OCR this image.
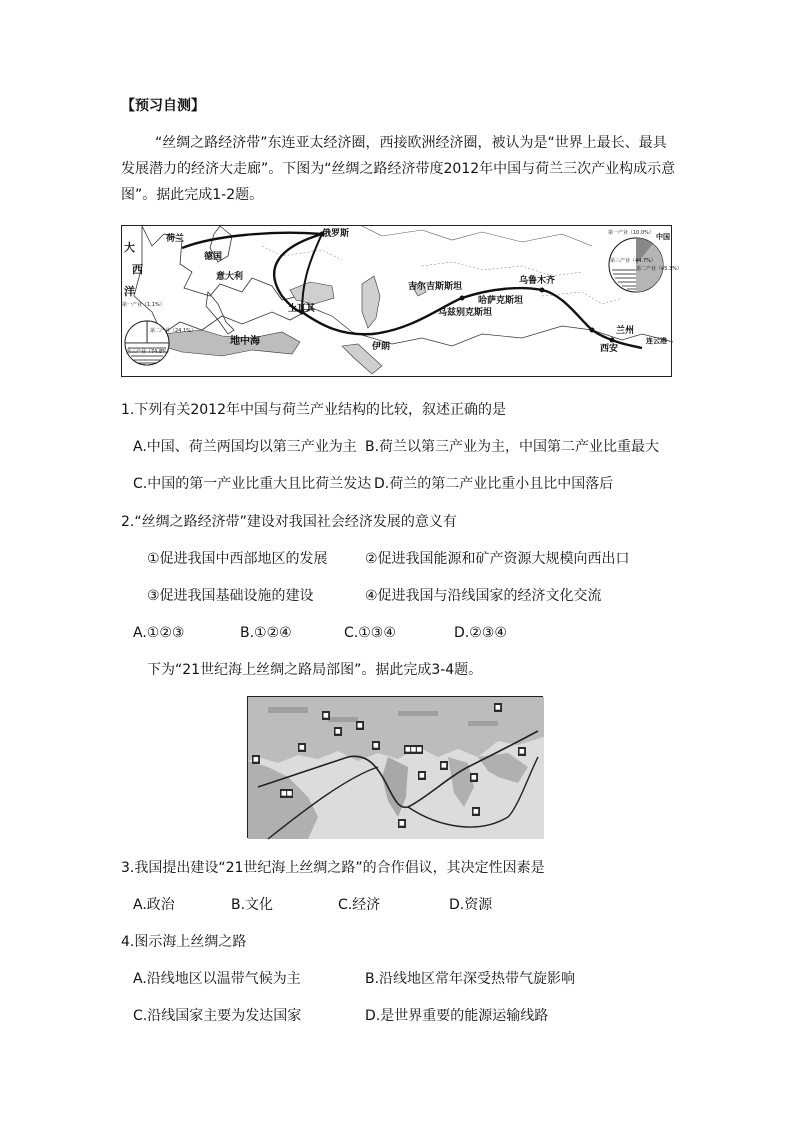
【预习自测】
“丝绸之路经济带”东连亚太经济圈，西接欧洲经济圈，被认为是“世界上最长、最具
发展潜力的经济大走廊”。下图为“丝绸之路经济带度2012年中国与荷兰三次产业构成示意
图”。据此完成1-2题。
荷兰	俄罗斯
德国
大
西
洋
意大利
土耳其
地中海	伊朗
吉尔吉斯斯坦
哈萨克斯坦
乌兹别克斯坦
乌鲁木齐
兰州
西安
中国
连云港
第一产业（1.1%）
第二产业（24.1%）
第三产业（74.8%）
第一产业（10.0%）
第二产业（45.3%）
第三产业（44.7%）
1.下列有关2012年中国与荷兰产业结构的比较，叙述正确的是
A.中国、荷兰两国均以第三产业为主 B.荷兰以第三产业为主，中国第二产业比重最大
C.中国的第一产业比重大且比荷兰发达 D.荷兰的第二产业比重小且比中国落后
2.“丝绸之路经济带”建设对我国社会经济发展的意义有
①促进我国中西部地区的发展	②促进我国能源和矿产资源大规模向西出口
③促进我国基础设施的建设	④促进我国与沿线国家的经济文化交流
A.①②③	B.①②④	C.①③④	D.②③④
下为“21世纪海上丝绸之路局部图”。据此完成3-4题。
■
■■
■
■
■
■
■
■■■
■
■
■
■
■
■
■
3.我国提出建设“21世纪海上丝绸之路”的合作倡议，其决定性因素是
A.政治	B.文化	C.经济	D.资源
4.图示海上丝绸之路
A.沿线地区以温带气候为主	B.沿线地区常年深受热带气旋影响
C.沿线国家主要为发达国家	D.是世界重要的能源运输线路
